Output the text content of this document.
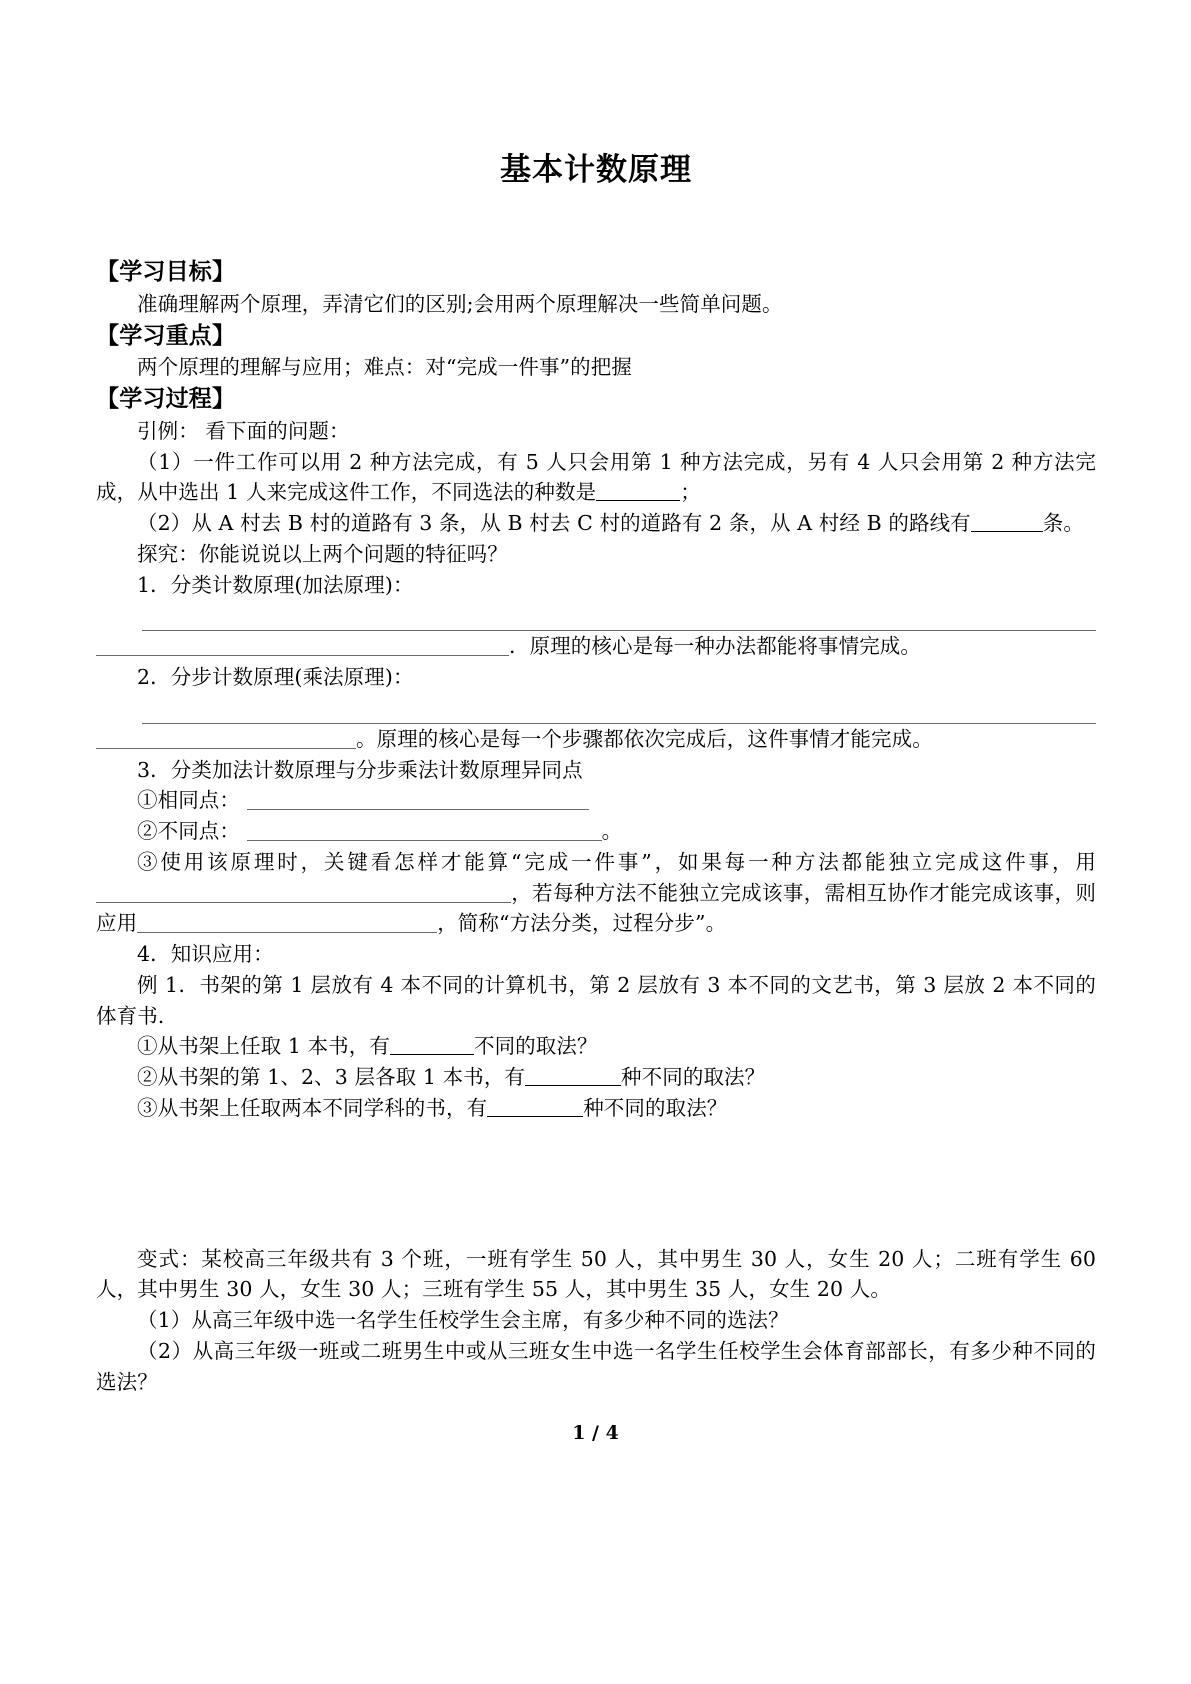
基本计数原理

【学习目标】

准确理解两个原理，弄清它们的区别;会用两个原理解决一些简单问题。

【学习重点】

两个原理的理解与应用；难点：对“完成一件事”的把握

【学习过程】

引例： 看下面的问题：

（1）一件工作可以用 2 种方法完成，有 5 人只会用第 1 种方法完成，另有 4 人只会用第 2 种方法完成，从中选出 1 人来完成这件工作，不同选法的种数是	；

（2）从 A 村去 B 村的道路有 3 条，从 B 村去 C 村的道路有 2 条，从 A 村经 B 的路线有	条。

探究：你能说说以上两个问题的特征吗？

1．分类计数原理(加法原理)：

．原理的核心是每一种办法都能将事情完成。

2．分步计数原理(乘法原理)：

。原理的核心是每一个步骤都依次完成后，这件事情才能完成。

3．分类加法计数原理与分步乘法计数原理异同点

①相同点：

②不同点：	。

③使用该原理时，关键看怎样才能算“完成一件事”，如果每一种方法都能独立完成这件事，用，若每种方法不能独立完成该事，需相互协作才能完成该事，则应用	，简称“方法分类，过程分步”。

4．知识应用：

例 1．书架的第 1 层放有 4 本不同的计算机书，第 2 层放有 3 本不同的文艺书，第 3 层放 2 本不同的体育书.

①从书架上任取 1 本书，有	不同的取法？

②从书架的第 1、2、3 层各取 1 本书，有	种不同的取法？

③从书架上任取两本不同学科的书，有	种不同的取法？

变式：某校高三年级共有 3 个班，一班有学生 50 人，其中男生 30 人，女生 20 人；二班有学生 60 人，其中男生 30 人，女生 30 人；三班有学生 55 人，其中男生 35 人，女生 20 人。

（1）从高三年级中选一名学生任校学生会主席，有多少种不同的选法？

（2）从高三年级一班或二班男生中或从三班女生中选一名学生任校学生会体育部部长，有多少种不同的选法？

1 / 4
